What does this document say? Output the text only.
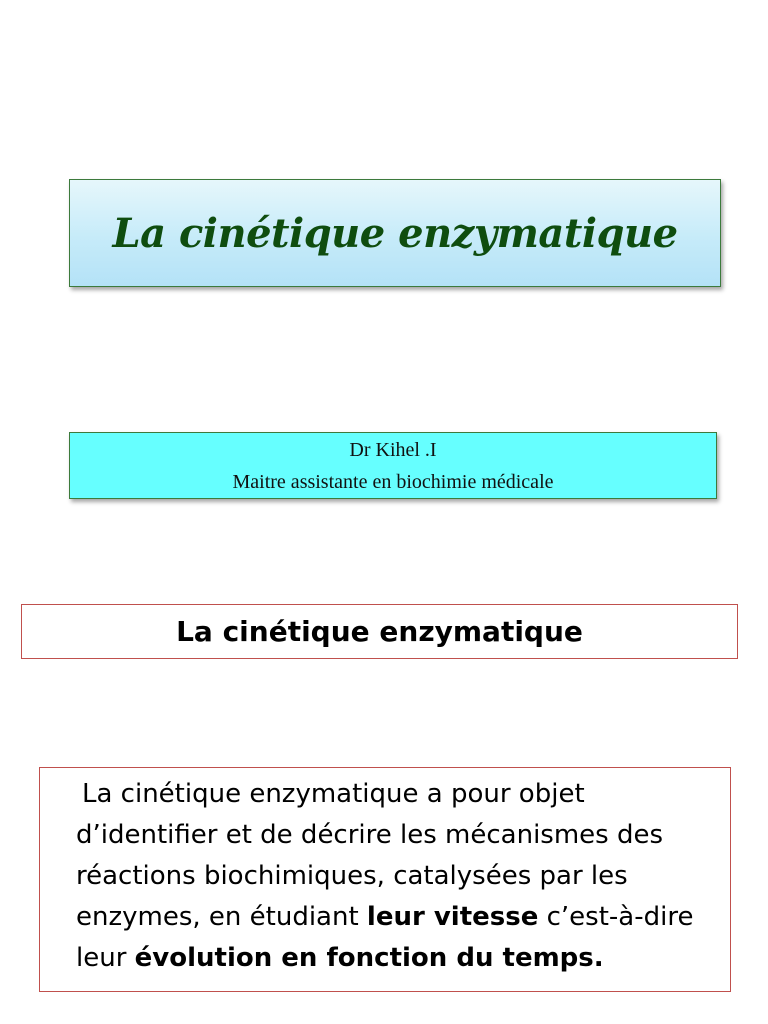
La cinétique enzymatique
Dr Kihel .I
Maitre assistante en biochimie médicale
La cinétique enzymatique

La cinétique enzymatique a pour objet d’identifier et de décrire les mécanismes des réactions biochimiques, catalysées par les enzymes, en étudiant leur vitesse c’est-à-dire leur évolution en fonction du temps.
